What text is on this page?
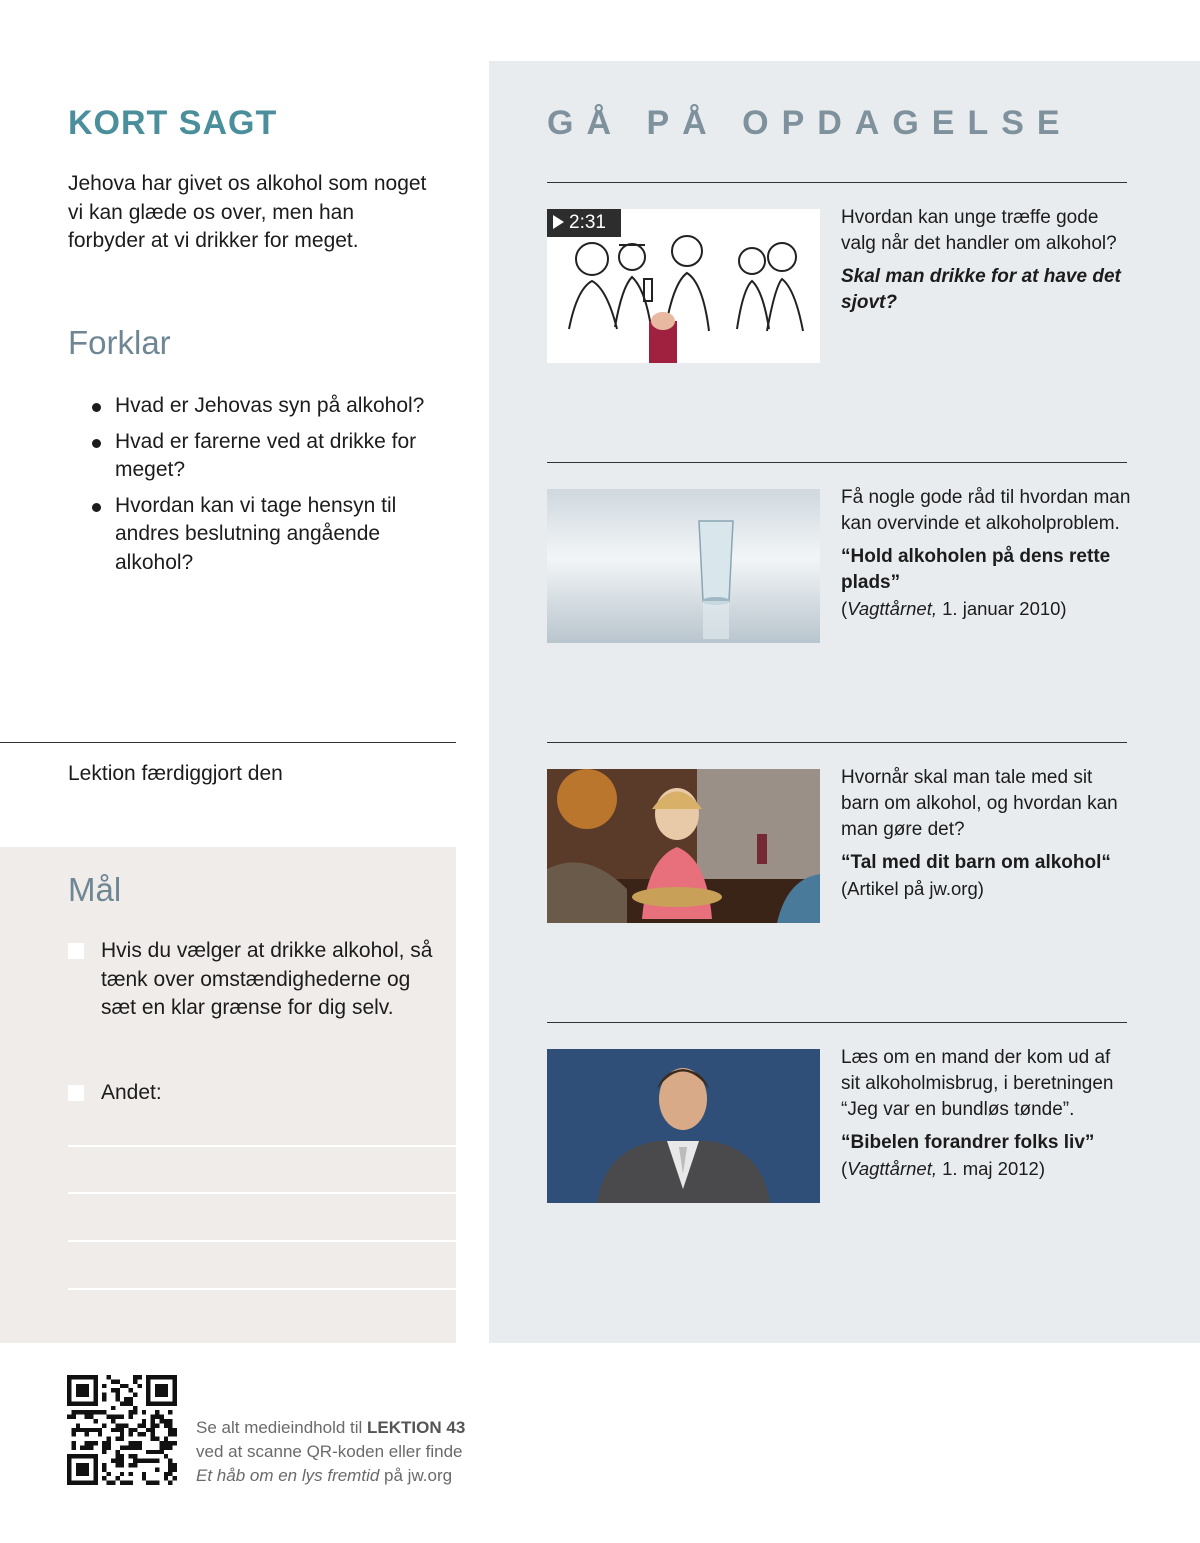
KORT SAGT

Jehova har givet os alkohol som noget vi kan glæde os over, men han forbyder at vi drikker for meget.

Forklar
Hvad er Jehovas syn på alkohol?
Hvad er farerne ved at drikke for meget?
Hvordan kan vi tage hensyn til andres beslutning angående alkohol?
Lektion færdiggjort den
Mål
Hvis du vælger at drikke alkohol, så tænk over omstændighederne og sæt en klar grænse for dig selv.
Andet:
GÅ PÅ OPDAGELSE
2:31	Hvordan kan unge træffe gode valg når det handler om alkohol?
Skal man drikke for at have det sjovt?
Få nogle gode råd til hvordan man kan overvinde et alkoholproblem.
“Hold alkoholen på dens rette plads”
(Vagttårnet, 1. januar 2010)
Hvornår skal man tale med sit barn om alkohol, og hvordan kan man gøre det?
“Tal med dit barn om alkohol“
(Artikel på jw.org)
Læs om en mand der kom ud af sit alkoholmisbrug, i beretningen “Jeg var en bundløs tønde”.
“Bibelen forandrer folks liv”
(Vagttårnet, 1. maj 2012)
Se alt medieindhold til LEKTION 43
ved at scanne QR-koden eller finde
Et håb om en lys fremtid på jw.org
